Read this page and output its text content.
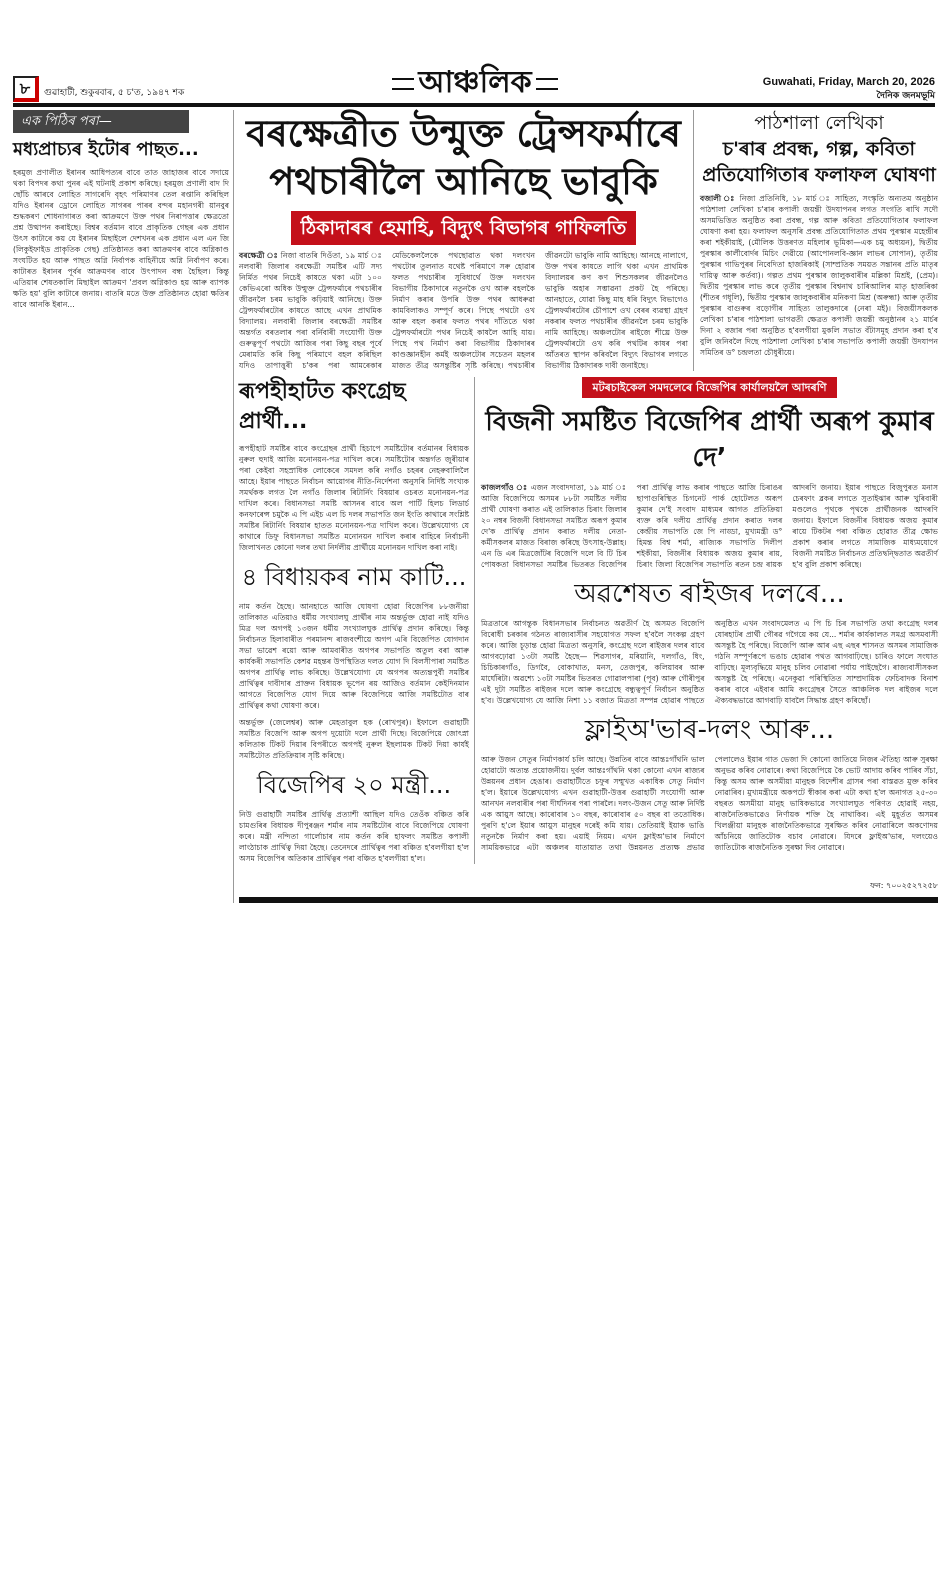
৮	গুৱাহাটী, শুকুৰবাৰ, ৫ চ'ত, ১৯৪৭ শক	আঞ্চলিক	Guwahati, Friday, March 20, 2026
দৈনিক জনমভূমি
এক পিঠিৰ পৰা—
মধ্যপ্ৰাচ্যৰ ইটোৰ পাছত...
হৰমুজ প্ৰণালীত ইৰানৰ আধিপত্যৰ বাবে তাত জাহাজৰ বাবে সদায়ে থকা বিপদৰ কথা পুনৰ এই ঘটনাই প্ৰকাশ কৰিছে। হৰমুজ প্ৰণালী বাদ দি ছোঁচি আৰবে লোহিত সাগৰেদি বৃহৎ পৰিমাণৰ তেল ৰপ্তানি কৰিছিল যদিও ইৰানৰ ড্ৰোনে লোহিত সাগৰৰ পাৰৰ বন্দৰ মহানগৰী য়ানবুৰ শুদ্ধকৰণ শোধনাগাৰত কৰা আক্ৰমণে উক্ত পথৰ নিৰাপত্তাৰ ক্ষেত্ৰতো প্ৰশ্ন উত্থাপন কৰাইছে। বিশ্বৰ বৰ্তমান বাবে প্ৰাকৃতিক গেছৰ এক প্ৰধান উৎস কাটাৰে কয় যে ইৰানৰ মিছাইলে দেশখনৰ এক প্ৰধান এল এন জি (লিকুইফাইড প্ৰাকৃতিক গেছ) প্ৰতিষ্ঠানত কৰা আক্ৰমণৰ বাবে অগ্নিকাণ্ড সংঘটিত হয় আৰু পাছত অগ্নি নিৰ্বাপক বাহিনীয়ে অগ্নি নিৰ্বাপণ কৰে। কাটাৰত ইৰানৰ পূৰ্বৰ আক্ৰমণৰ বাবে উৎপাদন বন্ধ হৈছিল। কিন্তু এতিয়াৰ শেষতকালি মিছাইল আক্ৰমণ 'প্ৰবল অগ্নিকাণ্ড হয় আৰু ব্যাপক ক্ষতি হয়' বুলি কাটাৰে জনায়। বাতৰি মতে উক্ত প্ৰতিষ্ঠানত হোৱা ক্ষতিৰ বাবে আনকি ইৰান...
বৰক্ষেত্ৰীত উন্মুক্ত ট্ৰেন্সফৰ্মাৰে
পথচাৰীলৈ আনিছে ভাবুকি
ঠিকাদাৰৰ হেমাহি, বিদ্যুৎ বিভাগৰ গাফিলতি
বৰক্ষেত্ৰী ঃ নিজা বাতৰি দিওঁতা, ১৯ মাৰ্চ ঃ নলবাৰী জিলাৰ বৰক্ষেত্ৰী সমষ্টিৰ এটি সদ্য নিৰ্মিত পথৰ নিচেই কাষতে থকা এটা ১০০ কেভিএৰো অধিক উন্মুক্ত ট্ৰেন্সফৰ্মাৰে পথচাৰীৰ জীৱনলৈ চৰম ভাবুকি কঢ়িয়াই আনিছে। উক্ত ট্ৰেন্সফৰ্মাৰটোৰ কাষতে আছে এখন প্ৰাথমিক বিদ্যালয়। নলবাৰী জিলাৰ বৰক্ষেত্ৰী সমষ্টিৰ অন্তৰ্গত বৰতলাৰ পৰা বৰ্নিবাৰী সংযোগী উক্ত গুৰুত্বপূৰ্ণ পথটো আজিৰ পৰা কিছু বছৰ পূৰ্বে মেৰামতি কৰি কিছু পৰিমাণে বহল কৰিছিল যদিও তাপাত্তুৰী চ'কৰ পৰা আমৰেকাৰ মেডিকেললৈকে পথছোৱাত থকা দলংখন পথটোৰ তুলনাত যথেষ্ট পৰিমাণে সৰু হোৱাৰ ফলত পথচাৰীৰ সুবিধাৰ্থে উক্ত দলংখন বিভাগীয় ঠিকাদাৰে নতুনকৈ ওখ আৰু বহলকৈ নিৰ্মাণ কৰাৰ উপৰি উক্ত পথৰ আধৰুৱা কামবিলাকও সম্পূৰ্ণ কৰে। পিছে পথটো ওখ আৰু বহল কৰাৰ ফলত পথৰ দাঁতিতে থকা ট্ৰেন্সফৰ্মাৰটো পথৰ নিচেই কাষলৈ আহি যায়। পিছে পথ নিৰ্মাণ কৰা বিভাগীয় ঠিকাদাৰৰ কাণ্ডজ্ঞানহীন কৰ্মই অঞ্চলটোৰ সচেতন মহলৰ মাজত তীব্ৰ অসন্তুষ্টিৰ সৃষ্টি কৰিছে। পথচাৰীৰ জীৱনটো ভাবুকি নামি আহিছে। আনহে নালাগে, উক্ত পথৰ কাষতে লাগি থকা এখন প্ৰাথমিক বিদ্যালয়ৰ কণ কণ শিশুসকলৰ জীৱনলৈও ভাবুকি অহাৰ সম্ভাৱনা প্ৰকট হৈ পৰিছে। আনহাতে, যোৱা কিছু মাহ ধৰি বিদ্যুৎ বিভাগেও ট্ৰেন্সফৰ্মাৰটোৰ চৌপাশে ওখ বেৰৰ ব্যৱস্থা গ্ৰহণ নকৰাৰ ফলত পথচাৰীৰ জীৱনলৈ চৰম ভাবুকি নামি আহিছে। অঞ্চলটোৰ ৰাইজে শীঘ্ৰে উক্ত ট্ৰেন্সফৰ্মাৰটো ওখ কৰি পথটিৰ কাষৰ পৰা আঁতৰত স্থাপন কৰিবলৈ বিদ্যুৎ বিভাগৰ লগতে বিভাগীয় ঠিকাদাৰক দাবী জনাইছে।
পাঠশালা লেখিকা
চ'ৰাৰ প্ৰবন্ধ, গল্প, কবিতা
প্ৰতিযোগিতাৰ ফলাফল ঘোষণা
বজালী ঃ নিজা প্ৰতিনিধি, ১৮ মাৰ্চ ঃ সাহিত্য, সংস্কৃতি অন্যতম অনুষ্ঠান পাঠশালা লেখিকা চ'ৰাৰ কপালী জয়ন্তী উদযাপনৰ লগত সংগতি ৰাখি সদৌ অসমভিত্তিত অনুষ্ঠিত কৰা প্ৰবন্ধ, গল্প আৰু কবিতা প্ৰতিযোগিতাৰ ফলাফল ঘোষণা কৰা হয়। ফলাফল অনুসৰি প্ৰবন্ধ প্ৰতিযোগিতাত প্ৰথম পুৰস্কাৰ মহেন্দ্ৰীৰ কৰা শইকীয়াই, (মৌলিক উত্তৰণত মহিলাৰ ভূমিকা—এক চমু অধ্যয়ন), দ্বিতীয় পুৰস্কাৰ কাৰ্লীবোৰ্দৰ মিচিং দেৱীয়ে (আপোনলবি-জ্ঞান লাভৰ সোপান), তৃতীয় পুৰস্কাৰ গাভিপুৰৰ নিবেদিতা হাজৰিকাই (সাম্প্ৰতিক সময়ত সন্তানৰ প্ৰতি মাতৃৰ দায়িত্ব আৰু কৰ্তব্য)। গল্পত প্ৰথম পুৰস্কাৰ জালুকবাৰীৰ মল্লিকা মিশ্ৰই, (প্ৰেম)। দ্বিতীয় পুৰস্কাৰ লাভ কৰে তৃতীয় পুৰস্কাৰ বিশ্বনাথ চাৰিআলিৰ মাতৃ হাজৰিকা (শীতৰ গধূলি), দ্বিতীয় পুৰস্কাৰ জালুকবাৰীৰ মনিকণা মিশ্ৰ (অৰুন্ধা) আৰু তৃতীয় পুৰস্কাৰ বাগুৰুৰ বড়োগীৰ সাহিত্য তালুকদাৰে (নেৰা মই)। বিজয়ীসকলক লেখিকা চ'ৰাৰ পাঠশালা ভাগৱতী ক্ষেত্ৰত কপালী জয়ন্তী অনুষ্ঠানৰ ২১ মাৰ্চৰ দিনা ২ বজাৰ পৰা অনুষ্ঠিত হ'বলগীয়া মুকলি সভাত বঁটাসমূহ প্ৰদান কৰা হ'ব বুলি জনিবলৈ দিছে পাঠশালা লেখিকা চ'ৰাৰ সভাপতি কপালী জয়ন্তী উদযাপন সমিতিৰ ড° চন্দ্ৰলতা চৌধুৰীয়ে।
ৰূপহীহাটত কংগ্ৰেছ প্ৰাৰ্থী...
ৰূপহীহাট সমষ্টিৰ বাবে কংগ্ৰেছৰ প্ৰাৰ্থী হিচাপে সমষ্টিটোৰ বৰ্তমানৰ বিধায়ক নুৰুল হুদাই আজি মনোনয়ন-পত্ৰ দাখিল কৰে। সমষ্টিটোৰ অন্তৰ্গত জুৰীয়াৰ পৰা কেইবা সহস্ৰাধিক লোকেৰে সমদল কৰি নগাঁও চহৰৰ নেহৰুবালিলৈ আহে। ইয়াৰ পাছতে নিৰ্বাচন আয়োগৰ নীতি-নিৰ্দেশনা অনুসৰি নিৰ্দিষ্ট সংখ্যক সমৰ্থকক লগত লৈ নগাঁও জিলাৰ ৰিটাৰ্নিং বিষয়াৰ ওচৰত মনোনয়ন-পত্ৰ দাখিল কৰে। বিধানসভা সমষ্টি আসনৰ বাবে অল পাৰ্টি হিলচ লিডাৰ্চ কনফাৰেন্স চমুকৈ এ পি এইচ এল চি দলৰ সভাপতি জন ইংতি কাথাৰে সংশ্লিষ্ট সমষ্টিৰ ৰিটাৰ্নিং বিষয়াৰ হাতত মনোনয়ন-পত্ৰ দাখিল কৰে। উল্লেখযোগ্য যে কাথাৰে ডিফু বিধানসভা সমষ্টিত মনোনয়ন দাখিল কৰাৰ বাহিৰে নিৰ্বাচনী জিলাখনত কোনো দলৰ তথা নিৰ্দলীয় প্ৰাৰ্থীয়ে মনোনয়ন দাখিল কৰা নাই।
৪ বিধায়কৰ নাম কাটি...
নাম কৰ্তন হৈছে। আনহাতে আজি ঘোষণা হোৱা বিজেপিৰ ৮৮জনীয়া তালিকাত এতিয়াও ধৰ্মীয় সংখ্যালঘু প্ৰাৰ্থীৰ নাম অন্তৰ্ভুক্ত হোৱা নাই যদিও মিত্ৰ দল অগপই ১৩জন ধৰ্মীয় সংখ্যালঘুক প্ৰাৰ্থিত্ব প্ৰদান কৰিছে। কিন্তু নিৰ্বাচনত হিলাবাৰীত পৰমানন্দ ৰাজবংশীয়ে অগপ এৰি বিজেপিত যোগদান সভা ভাৱেশ ৰয়ো আৰু আমবাৰীত অগপৰ সভাপতি অতুল বৰা আৰু কাৰ্যকৰী সভাপতি কেশৱ মহন্তৰ উপস্থিতিত দলত যোগ দি বিলসীপাৰা সমষ্টিত অগপৰ প্ৰাৰ্থিত্ব লাভ কৰিছে। উল্লেখযোগ্য যে অগপৰ অত্যন্তপুৰ্বী সমষ্টিৰ প্ৰাৰ্থিত্বৰ দাবীদাৰ প্ৰাক্তন বিধায়ক ভূপেন ৰয় আজিও বৰ্তমান কেইদিনমান আগতে বিজেপিত যোগ দিয়ে আৰু বিজেপিয়ে আজি সমষ্টিটোত বাৰ প্ৰাৰ্থিত্বৰ কথা ঘোষণা কৰে।
অন্তৰ্ভুক্ত (জেলেশ্বৰ) আৰু মেহতাবুল হক (ৰোখপুৰ)। ইফালে গুৱাহাটী সমষ্টিত বিজেপি আৰু অগপ দুয়োটা দলে প্ৰাৰ্থী দিছে। বিজেপিয়ে জোৎস্না কলিতাক টিকট দিয়াৰ বিপৰীতে অগপই নুৰুল ইছলামক টিকট দিয়া কাৰ্যই সমষ্টিটোত প্ৰতিক্ৰিয়াৰ সৃষ্টি কৰিছে।
বিজেপিৰ ২০ মন্ত্ৰী...
নিউ গুৱাহাটী সমষ্টিৰ প্ৰাৰ্থিত্ব প্ৰত্যাশী আছিল যদিও তেওঁক বঞ্চিত কৰি চামগুৰিৰ বিধায়ক দীপুৰঞ্জন শৰ্মাৰ নাম সমষ্টিটোৰ বাবে বিজেপিয়ে ঘোষণা কৰে। মন্ত্ৰী নন্দিতা গাৰ্লোচাৰ নাম কৰ্তন কৰি হাফলং সমষ্টিত কপালী লাংঠাচাক প্ৰাৰ্থিত্ব দিয়া হৈছে। তেনেদৰে প্ৰাৰ্থিত্বৰ পৰা বঞ্চিত হ'বলগীয়া হ'ল অসম বিজেপিৰ অতিকাৰ প্ৰাৰ্থিত্বৰ পৰা বঞ্চিত হ'বলগীয়া হ'ল।
মটৰচাইকেল সমদলেৰে বিজেপিৰ কাৰ্যালয়লৈ আদৰণি
বিজনী সমষ্টিত বিজেপিৰ প্ৰাৰ্থী অৰূপ কুমাৰ দে’
কাজলগাঁও ঃ এজন সংবাদদাতা, ১৯ মাৰ্চ ঃ আজি বিজেপিয়ে অসমৰ ৮৮টা সমষ্টিত দলীয় প্ৰাৰ্থী ঘোষণা কৰাত এই তালিকাত চিৰাং জিলাৰ ২০ নম্বৰ বিজনী বিধানসভা সমষ্টিত অৰূপ কুমাৰ দে'ক প্ৰাৰ্থিত্ব প্ৰদান কৰাত দলীয় নেতা-কৰ্মীসকলৰ মাজত বিৰাজ কৰিছে উৎসাহ-উল্লাহ। এন ডি এৰ মিত্ৰজোঁটৰ বিজেপি দলে বি টি চিৰ পোষকতা বিধানসভা সমষ্টিৰ ভিতৰত বিজেপিৰ পৰা প্ৰাৰ্থিত্ব লাভ কৰাৰ পাছতে আজি চিৰাঙৰ ছাপাগুৰিস্থিত চিগনেট পাৰ্ক হোটেলত অৰূপ কুমাৰ দে'ই সংবাদ মাধ্যমৰ আগত প্ৰতিক্ৰিয়া ব্যক্ত কৰি দলীয় প্ৰাৰ্থিত্ব প্ৰদান কৰাত দলৰ কেন্দ্ৰীয় সভাপতি জে পি নাড্ডা, মুখ্যমন্ত্ৰী ড° হিমন্ত বিশ্ব শৰ্মা, ৰাজ্যিক সভাপতি দিলীপ শইকীয়া, বিজনীৰ বিধায়ক অজয় কুমাৰ ৰায়, চিৰাং জিলা বিজেপিৰ সভাপতি ৰতন চন্দ্ৰ ৰায়ক আদৰণি জনায়। ইয়াৰ পাছতে বিজুপুৰত মনাস চেৰফাং ব্লকৰ লগতে সুতাইঝাৰ আৰু খুৰিবাৰী মণ্ডলেও পৃথকে পৃথকে প্ৰাৰ্থীজনক আদৰণি জনায়। ইফালে বিজনীৰ বিধায়ক অজয় কুমাৰ ৰায়ে টিকটৰ পৰা বঞ্চিত হোৱাত তীব্ৰ ক্ষোভ প্ৰকাশ কৰাৰ লগতে সামাজিক মাধ্যমযোগে বিজনী সমষ্টিত নিৰ্বাচনত প্ৰতিদ্বন্দ্বিতাত অৱতীৰ্ণ হ'ব বুলি প্ৰকাশ কৰিছে।
অৱশেষত ৰাইজৰ দলৰে...
মিত্ৰতাৰে আগন্তুক বিধানসভাৰ নিৰ্বাচনত অৱতীৰ্ণ হৈ অসমত বিজেপি বিৰোধী চৰকাৰ গঠনত ৰাজ্যবাসীৰ সহযোগত সফল হ'বলৈ সংকল্প গ্ৰহণ কৰে। আজি চূড়ান্ত হোৱা মিত্ৰতা অনুসৰি, কংগ্ৰেছ দলে ৰাইজৰ দলৰ বাবে আগবঢ়োৱা ১৩টা সমষ্টি হৈছে— শিৱসাগৰ, মৰিয়ানি, দলগাঁও, ধিং, চিচিকাৰগাঁও, ডিগবৈ, বোকাখাত, মনস, তেজপুৰ, কলিয়াবৰ আৰু মাৰ্ঘেৰিটা। অৱশ্যে ১৩টা সমষ্টিৰ ভিতৰত গোৱালপাৰা (পূব) আৰু গৌৰীপুৰ এই দুটা সমষ্টিত ৰাইজৰ দলে আৰু কংগ্ৰেছে বন্ধুত্বপূৰ্ণ নিৰ্বাচন অনুষ্ঠিত হ'ব। উল্লেখযোগ্য যে আজি নিশা ১১ বজাত মিত্ৰতা সম্পন্ন হোৱাৰ পাছতে অনুষ্ঠিত এখন সংবাদমেলত এ পি চি চিৰ সভাপতি তথা কংগ্ৰেছ দলৰ যোৰহাটৰ প্ৰাৰ্থী গৌৰৱ গগৈয়ে কয় যে... শৰ্মাৰ কাৰ্যকালত সমগ্ৰ অসমবাসী অসন্তুষ্ট হৈ পৰিছে। বিজেপি আৰু আৰ এছ এছৰ শাসনত অসমৰ সামাজিক গঠনি সম্পূৰ্ণৰূপে ভঙাচ হোৱাৰ পথত আগবাঢ়িছে। চাৰিও ফালে সংঘাত বাঢ়িছে। মূল্যবৃদ্ধিয়ে মানুহ চলিব নোৱাৰা পৰ্যায় পাইছেগৈ। ৰাজ্যবাসীসকল অসন্তুষ্ট হৈ পৰিছে। এনেকুৱা পৰিস্থিতিত সাম্প্ৰদায়িক ফেচিবাদক বিনাশ কৰাৰ বাবে এইবাৰ আমি কংগ্ৰেছৰ সৈতে আঞ্চলিক দল ৰাইজৰ দলে ঐক্যবদ্ধভাৱে আগবাঢ়ি যাবলৈ সিদ্ধান্ত গ্ৰহণ কৰিছোঁ।
ফ্লাইঅ'ভাৰ-দলং আৰু...
আৰু উজন সেতুৰ নিৰ্মাণকাৰ্য চলি আছে। উন্নতিৰ বাবে আন্তঃগাঁথনি ভাল হোৱাটো অত্যন্ত প্ৰয়োজনীয়। দুৰ্বল আন্তঃগাঁথনি থকা কোনো এখন ৰাজ্যৰ উন্নয়নৰ প্ৰধান হেঙাৰ। গুৱাহাটীতে চফুৰ সম্মুখত একাধিক সেতু নিৰ্মাণ হ'ল। ইয়াৰে উল্লেখযোগ্য এখন গুৱাহাটী-উত্তৰ গুৱাহাটী সংযোগী আৰু আনখন নলবাৰীৰ পৰা দীৰ্ঘদিনৰ পৰা পাৰলৈ। দলং-উজন সেতু আৰু নিৰ্দিষ্ট এক আয়ুস আছে। কাৰোবাৰ ১০ বছৰ, কাৰোবাৰ ৫০ বছৰ বা ততোধিক। পুৰণি হ'লে ইয়াৰ আয়ুস মানুহৰ দৰেই কমি যায়। তেতিয়াই ইয়াক ভাঙি নতুনকৈ নিৰ্মাণ কৰা হয়। এয়াই নিয়ম। এখন ফ্লাইঅ'ভাৰ নিৰ্মাণে সাময়িকভাৱে এটা অঞ্চলৰ যাতায়াত তথা উন্নয়নত প্ৰত্যক্ষ প্ৰভাৱ পেলালেও ইয়াৰ গাত ভেজা দি কোনো জাতিয়ে নিজৰ ঐতিহ্য আৰু সুৰক্ষা অনুভৱ কৰিব নোৱাৰে। কথা বিজেপিয়ে কৈ ভোট আদায় কৰিব পাৰিব সঁচা, কিন্তু অসম আৰু অসমীয়া মানুহক বিদেশীৰ গ্ৰাসৰ পৰা বাস্তৱত মুক্ত কৰিব নোৱাৰিব। মুখ্যমন্ত্ৰীয়ে অকপটে স্বীকাৰ কৰা এটা কথা হ'ল অনাগত ২৫-৩০ বছৰত অসমীয়া মানুহ ভাষিকভাৱে সংখ্যালঘুত পৰিণত হোৱাই নহয়, ৰাজনৈতিকভাৱেও নিৰ্ণায়ক শক্তি হৈ নাথাকিব। এই মুহূৰ্তত অসমৰ খিলঞ্জীয়া মানুহক ৰাজনৈতিকভাৱে সুৰক্ষিত কৰিব নোৱাৰিলে অকণোদয় আঁচনিয়ে জাতিটোক বচাব নোৱাৰে। যিদৰে ফ্লাইঅ'ভাৰ, দলংয়েও জাতিটোক ৰাজনৈতিক সুৰক্ষা দিব নোৱাৰে।
ফন: ৭০০২৫২৭২৫৮
